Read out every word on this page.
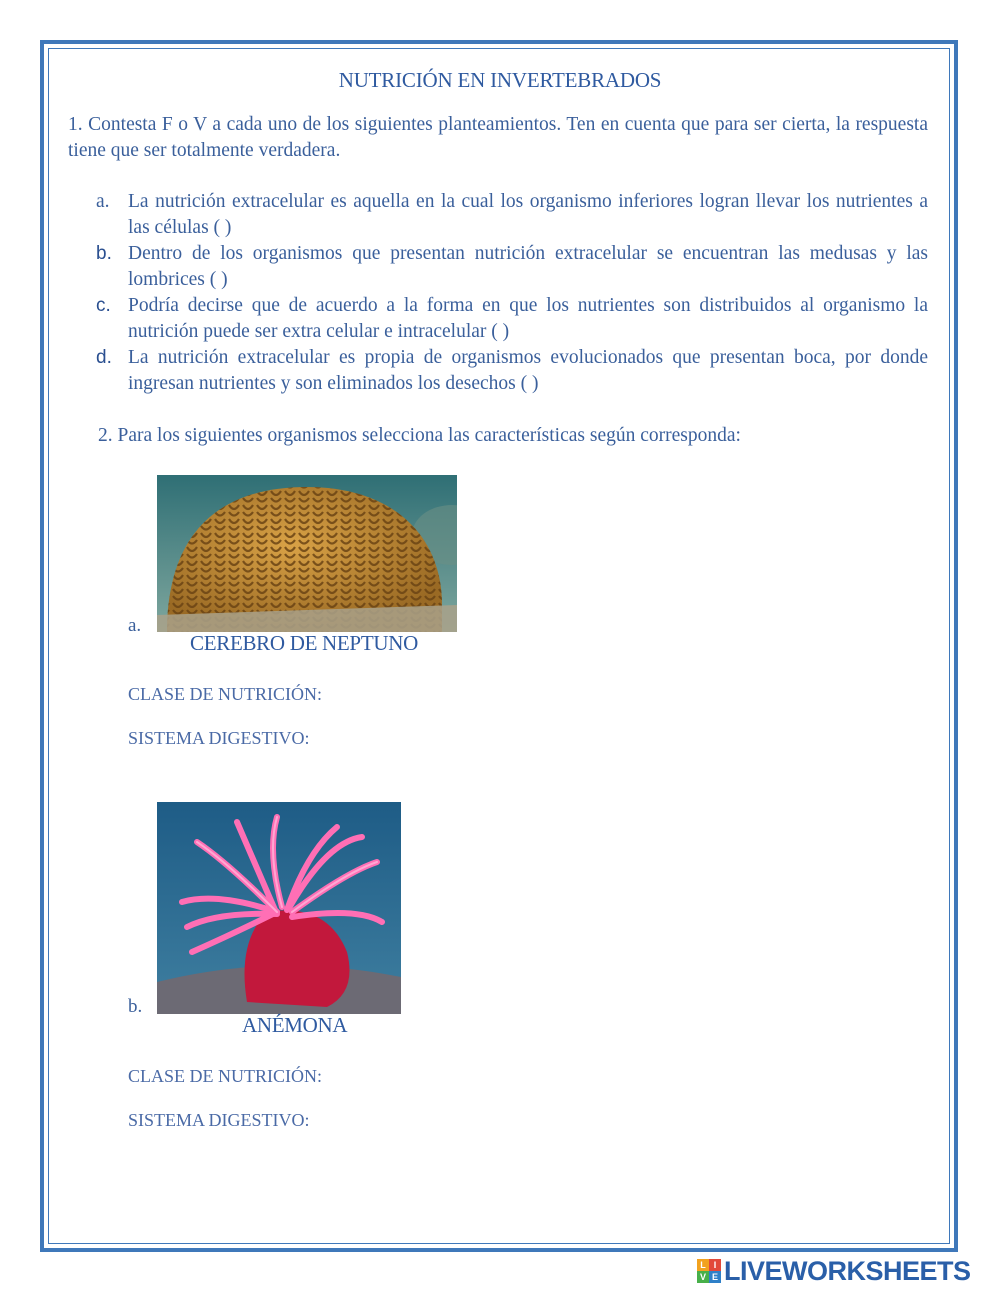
NUTRICIÓN EN INVERTEBRADOS
1. Contesta F o V a cada uno de los siguientes planteamientos. Ten en cuenta que para ser cierta, la respuesta tiene que ser totalmente verdadera.
a. La nutrición extracelular es aquella en la cual los organismo inferiores logran llevar los nutrientes a las células ( )
b. Dentro de los organismos que presentan nutrición extracelular se encuentran las medusas y las lombrices ( )
c. Podría decirse que de acuerdo a la forma en que los nutrientes son distribuidos al organismo la nutrición puede ser extra celular e intracelular ( )
d. La nutrición extracelular es propia de organismos evolucionados que presentan boca, por donde ingresan nutrientes y son eliminados los desechos ( )
2. Para los siguientes organismos selecciona las características según corresponda:
a.
CEREBRO DE NEPTUNO
CLASE DE NUTRICIÓN:
SISTEMA DIGESTIVO:
b.
ANÉMONA
CLASE DE NUTRICIÓN:
SISTEMA DIGESTIVO:
L I
V E LIVEWORKSHEETS
